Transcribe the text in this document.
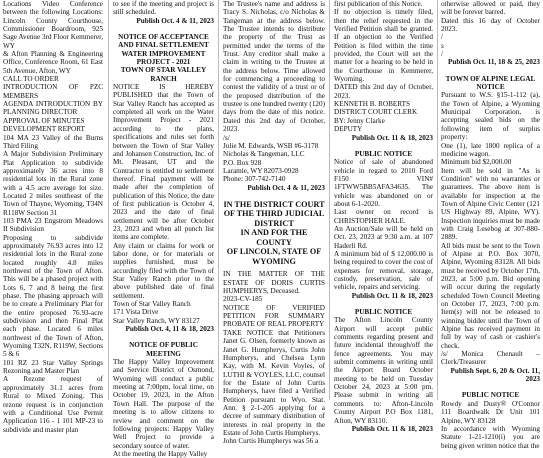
Locations Video Conference between the following Locations: Lincoln County Courthouse, Commissioner Boardroom, 925 Sage Avenue 3rd Floor Kemmerer, WY

& Afton Planning & Engineering Office, Conference Room, 61 East 5th Avenue, Afton, WY

CALL TO ORDER

INTRODUCTION OF PZC MEMBERS

AGENDA INTRODUCTION BY PLANNING DIRECTOR

APPROVAL OF MINUTES

DEVELOPMENT REPORT

104 MA 23 Valley of the Burns Third Filing

A Major Subdivision Preliminary Plat Application to subdivide approximately 36 acres into 8 residential lots in the Rural zone with a 4.5 acre average lot size. Located 2 miles southeast of the Town of Thayne, Wyoming, T34N R118W Section 31

103 PMA 23 Engstrom Meadows II Subdivision

Proposing to subdivide approximately 76.93 acres into 12 residential lots in the Rural zone located roughly 4.8 miles northwest of the Town of Afton. This will be a phased project with Lots 6, 7 and 8 being the first phase. The phasing approach will be to create a Preliminary Plat for the entire proposed 76.93-acre subdivision and then Final Plat each phase. Located 6 miles northwest of the Town of Afton, Wyoming T32N, R119W, Sections 5 & 6

101 RZ 23 Star Valley Springs Rezoning and Master Plan

A Rezone request of approximately 31.1 acres from Rural to Mixed Zoning. This rezone request is in conjunction with a Conditional Use Permit Application 116 - 1 101 MP-23 to subdivide and master plan

to see if the meeting and project is still scheduled.

Publish Oct. 4 & 11, 2023

NOTICE OF ACCEPTANCE AND FINAL SETTLEMENT

WATER IMPROVEMENT PROJECT - 2021

TOWN OF STAR VALLEY RANCH

NOTICE IS HEREBY PUBLISHED that the Town of Star Valley Ranch has accepted as completed all work on the Water Improvement Project - 2021 according to the plans, specifications and rules set forth between the Town of Star Valley and Johansen Construction, Inc. of Mt. Pleasant, UT and the Contractor is entitled to settlement thereof. Final payment will be made after the completion of publication of this Notice, the date of first publication is October 4, 2023 and the date of final settlement will be after October 23, 2023 and when all punch list items are complete.

Any claim or claims for work or labor done, or for materials or supplies furnished, must be accordingly filed with the Town of Star Valley Ranch prior to the above published date of final settlement.

Town of Star Valley Ranch

171 Vista Drive

Star Valley Ranch, WY 83127

Publish Oct. 4, 11 & 18, 2023

NOTICE OF PUBLIC MEETING

The Happy Valley Improvement and Service District of Osmond, Wyoming will conduct a public meeting at 7:00pm, local time, on October 19, 2023, in the Afton Town Hall. The purpose of the meeting is to allow citizens to review and comment on the following projects: Happy Valley Well Project to provide a secondary source of water.

At the meeting the Happy Valley

The Trustee's name and address is Tracy S. Nicholas, c/o Nicholas & Tangeman at the address below. The Trustee intends to distribute the property of the Trust as permitted under the terms of the Trust. Any creditor shall make a claim in writing to the Trustee at the address below. Time allowed for commencing a proceeding to contest the validity of a trust or of the proposed distribution of the trustee is one hundred twenty (120) days from the date of this notice. Dated this 2nd day of October, 2023.

/s/

Julie M. Edwards, WSB #6-3178

Nicholas & Tangeman, LLC

P.O. Box 928

Laramie, WY 82073-0928

Phone: 307-742-7140

Publish Oct. 4 & 11, 2023

IN THE DISTRICT COURT

OF THE THIRD JUDICIAL

DISTRICT

IN AND FOR THE COUNTY

OF LINCOLN, STATE OF

WYOMING

IN THE MATTER OF THE ESTATE OF DORIS CURTIS HUMPHERYS, Deceased.

2023-CV-185

NOTICE OF VERIFIED PETITION FOR SUMMARY PROBATE OF REAL PROPERTY

TAKE NOTICE that Petitioners Janet G. Olsen, formerly known as Janet G. Humpherys, Curtis John Humpherys, and Chelsea Lynn Kay, with M. Kevin Voyles, of LUTHI & VOYLES, LLC, counsel for the Estate of John Curtis Humpherys, have filed a Verified Petition pursuant to Wyo. Stat. Ann. § 2-1-205 applying for a decree of summary distribution of interests in real property in the Estate of John Curtis Humpherys.

John Curtis Humpherys was 56 a

first publication of this Notice.

If no objection is timely filed, then the relief requested in the Verified Petition shall be granted. If an objection to the Verified Petition is filed within the time provided, the Court will set the matter for a hearing to be held in the Courthouse in Kemmerer, Wyoming.

DATED this 2nd day of October, 2023.

KENNETH B. ROBERTS

DISTRICT COURT CLERK

BY: Jenny Clarke

DEPUTY

Publish Oct. 11 & 18, 2023

PUBLIC NOTICE

Notice of sale of abandoned vehicle in regard to 2010 Ford F150 VIN# 1FTWW5BB5AFA34635. The vehicle was abandoned on or about 6-1-2020.

Last owner on record is CHRISTOPHER HALE.

An Auction/Sale will be held on Oct. 23, 2023 at 9:30 a.m. at 107 Haderli Rd.

A minimum bid of $ 12,000.00 is being required to cover the cost of expenses for removal, storage, custody, preservation, sale of vehicle, repairs and servicing.

Publish Oct. 11 & 18, 2023

PUBLIC NOTICE

The Afton Lincoln County Airport will accept public comments regarding present and future incidental through/off the fence agreements. You may submit comments in writing until the Airport Board October meeting to be held on Tuesday October 24, 2023 at 5:00 pm. Please submit in writing all comments to: Afton-Lincoln County Airport P.O Box 1181, Afton, WY 83110.

Publish Oct. 11 & 18, 2023

otherwise allowed or paid, they will be forever barred.

Dated this 16 day of October 2023.

/

s

/

Publish Oct. 11, 18 & 25, 2023

TOWN OF ALPINE LEGAL

NOTICE

Pursuant to W.S. §15-1-112 (a), the Town of Alpine, a Wyoming Municipal Corporation, is accepting sealed bids on the following item of surplus property:

One (1), late 1800 replica of a medicine wagon.

Minimum bid $2,000.00

Item will be sold in "As is Condition" with no warranties or guarantees. The above item is available for inspection at the Town of Alpine Civic Center (121 US Highway 89, Alpine, WY). Inspection inquiries must be made with Craig Lesebog at 307-880-2889.

All bids must be sent to the Town of Alpine at P.O. Box 3070, Alpine, Wyoming 83128. All bids must be received by October 17th, 2023, at 5:00 p.m. Bid opening will occur during the regularly scheduled Town Council Meeting on October 17, 2023, 7:00 p.m. Item(s) will not be released to winning bidder until the Town of Alpine has received payment in full by way of cash or cashier's check.

/s/ Monica Chenault – Clerk/Treasurer

Publish Sept. 6, 20 & Oct. 11, 2023

PUBLIC NOTICE

Rowdy and Dusty® O'Connor 111 Boardwalk Dr Unit 101 Alpine, WY 83128

In accordance with Wyoming Statute 1-21-1210(i) you are being given written notice that the
